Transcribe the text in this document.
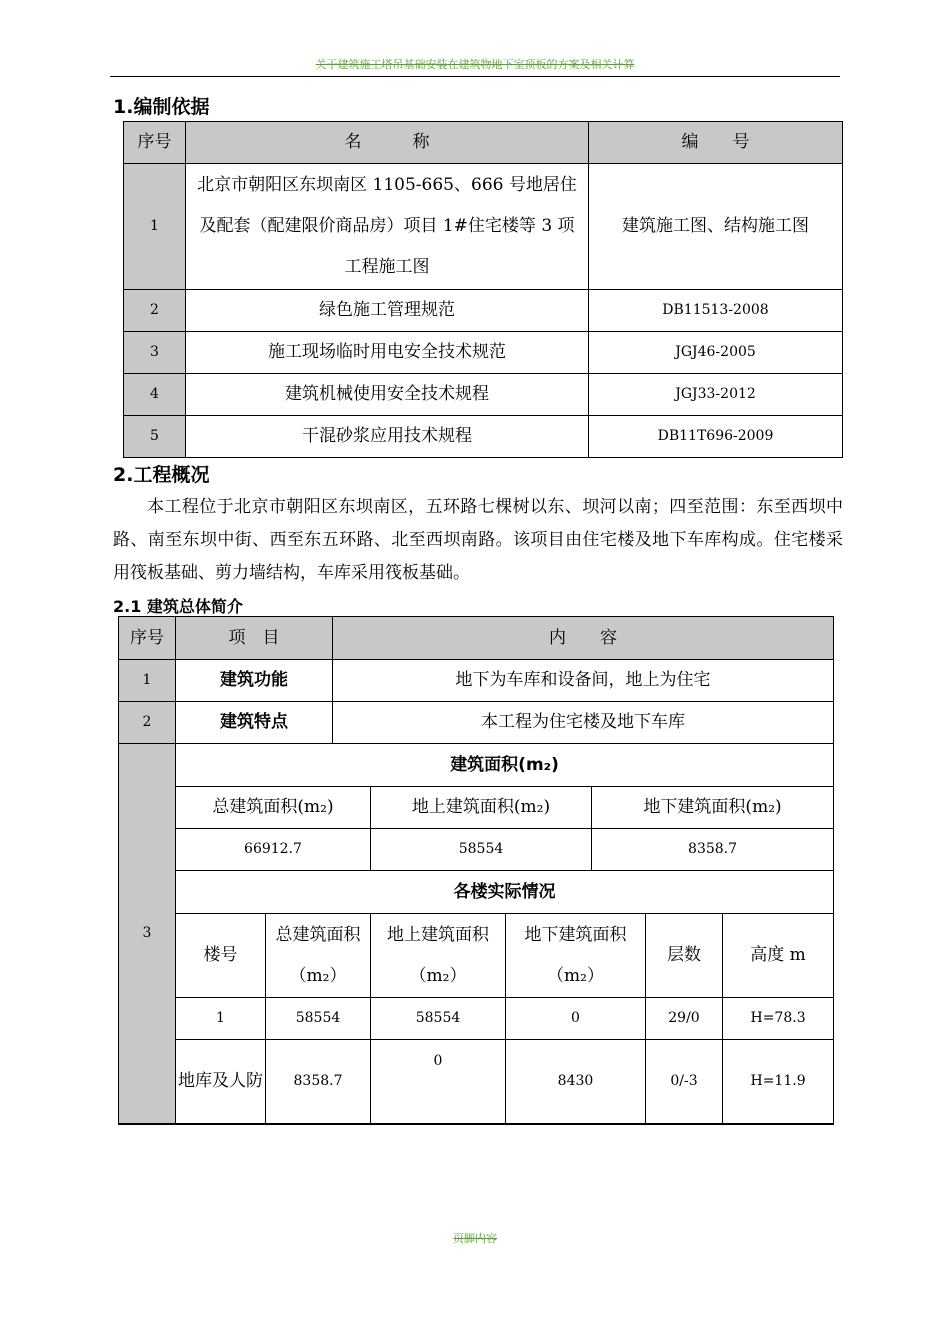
关于建筑施工塔吊基础安装在建筑物地下室顶板的方案及相关计算
1.编制依据
序号	名　　　称	编　　号
1	北京市朝阳区东坝南区 1105-665、666 号地居住及配套（配建限价商品房）项目 1#住宅楼等 3 项工程施工图	建筑施工图、结构施工图
2	绿色施工管理规范	DB11513-2008
3	施工现场临时用电安全技术规范	JGJ46-2005
4	建筑机械使用安全技术规程	JGJ33-2012
5	干混砂浆应用技术规程	DB11T696-2009
2.工程概况
本工程位于北京市朝阳区东坝南区，五环路七棵树以东、坝河以南；四至范围：东至西坝中路、南至东坝中街、西至东五环路、北至西坝南路。该项目由住宅楼及地下车库构成。住宅楼采用筏板基础、剪力墙结构，车库采用筏板基础。
2.1 建筑总体简介
序号	项　目		内　　容					
1	建筑功能		地下为车库和设备间，地上为住宅					
2	建筑特点		本工程为住宅楼及地下车库					
3	建筑面积(m₂)							
	总建筑面积(m₂)			地上建筑面积(m₂)		地下建筑面积(m₂)		
	66912.7			58554		8358.7		
	各楼实际情况							
	楼号	总建筑面积（m₂）		地上建筑面积（m₂）	地下建筑面积（m₂）		层数	高度 m
	1	58554		58554	0		29/0	H=78.3
	地库及人防	8358.7		0	8430		0/-3	H=11.9
页脚内容
